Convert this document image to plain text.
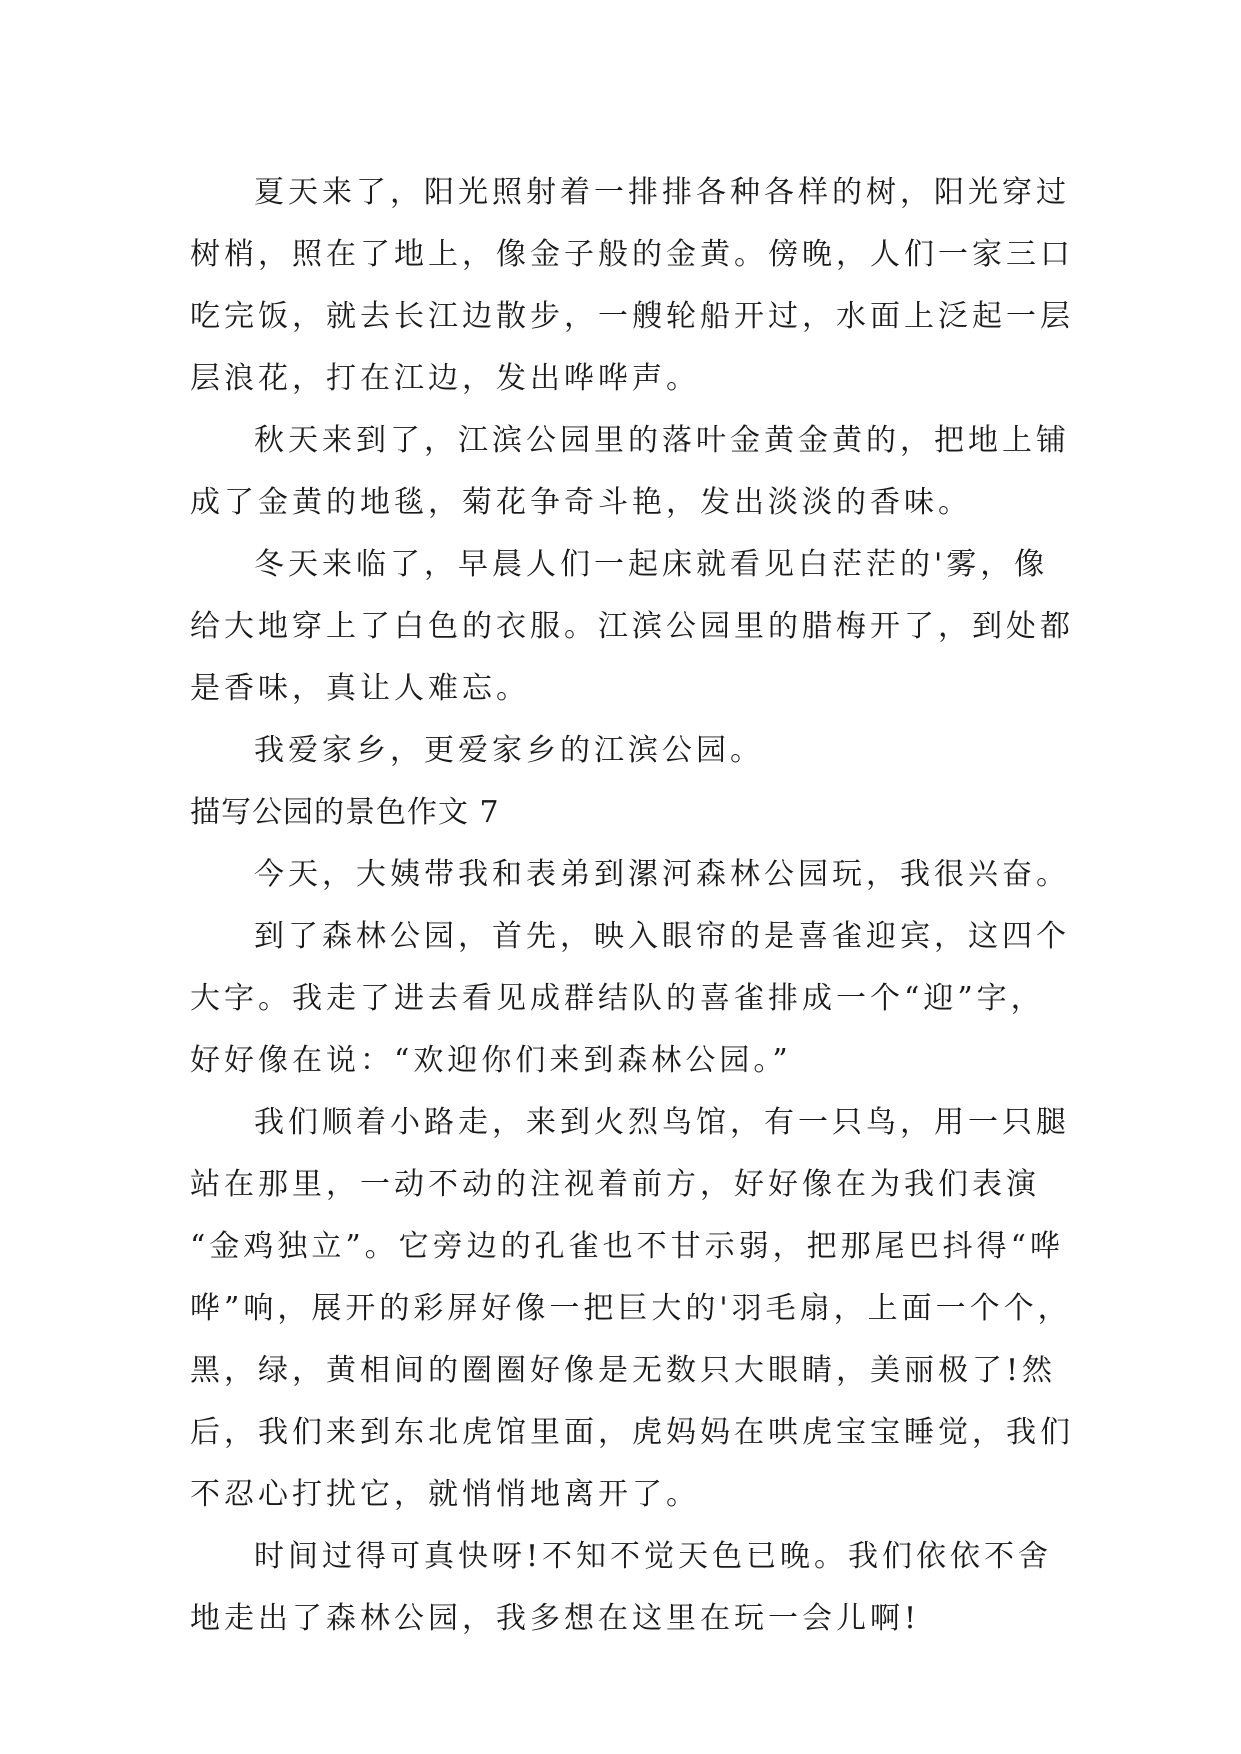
夏天来了，阳光照射着一排排各种各样的树，阳光穿过
树梢，照在了地上，像金子般的金黄。傍晚，人们一家三口
吃完饭，就去长江边散步，一艘轮船开过，水面上泛起一层
层浪花，打在江边，发出哗哗声。
秋天来到了，江滨公园里的落叶金黄金黄的，把地上铺
成了金黄的地毯，菊花争奇斗艳，发出淡淡的香味。
冬天来临了，早晨人们一起床就看见白茫茫的'雾，像
给大地穿上了白色的衣服。江滨公园里的腊梅开了，到处都
是香味，真让人难忘。
我爱家乡，更爱家乡的江滨公园。
描写公园的景色作文 7
今天，大姨带我和表弟到漯河森林公园玩，我很兴奋。
到了森林公园，首先，映入眼帘的是喜雀迎宾，这四个
大字。我走了进去看见成群结队的喜雀排成一个“迎”字，
好好像在说：“欢迎你们来到森林公园。”
我们顺着小路走，来到火烈鸟馆，有一只鸟，用一只腿
站在那里，一动不动的注视着前方，好好像在为我们表演
“金鸡独立”。它旁边的孔雀也不甘示弱，把那尾巴抖得“哗
哗”响，展开的彩屏好像一把巨大的'羽毛扇，上面一个个，
黑，绿，黄相间的圈圈好像是无数只大眼睛，美丽极了!然
后，我们来到东北虎馆里面，虎妈妈在哄虎宝宝睡觉，我们
不忍心打扰它，就悄悄地离开了。
时间过得可真快呀!不知不觉天色已晚。我们依依不舍
地走出了森林公园，我多想在这里在玩一会儿啊!
